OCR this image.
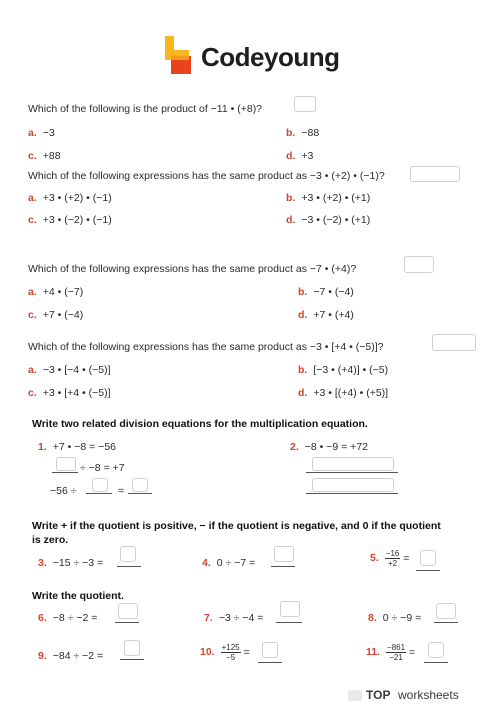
Codeyoung
Which of the following is the product of −11 • (+8)?
a. −3	b. −88
c. +88	d. +3
Which of the following expressions has the same product as −3 • (+2) • (−1)?
a. +3 • (+2) • (−1)	b. +3 • (+2) • (+1)
c. +3 • (−2) • (−1)	d. −3 • (−2) • (+1)
Which of the following expressions has the same product as −7 • (+4)?
a. +4 • (−7)	b. −7 • (−4)
c. +7 • (−4)	d. +7 • (+4)
Which of the following expressions has the same product as −3 • [+4 • (−5)]?
a. −3 • [−4 • (−5)]	b. [−3 • (+4)] • (−5)
c. +3 • [+4 • (−5)]	d. +3 • [(+4) • (+5)]
Write two related division equations for the multiplication equation.
1. +7 • −8 = −56	2. −8 • −9 = +72
÷ −8 = +7
−56 ÷	=
Write + if the quotient is positive, − if the quotient is negative, and 0 if the quotient is zero.
3. −15 ÷ −3 =	4. 0 ÷ −7 =	5. $\frac{-16}{+2}$ =
Write the quotient.
6. −8 ÷ −2 =	7. −3 ÷ −4 =	8. 0 ÷ −9 =
9. −84 ÷ −2 =	10. $\frac{+125}{-5}$ =	11. $\frac{-861}{-21}$ =
TOP worksheets
